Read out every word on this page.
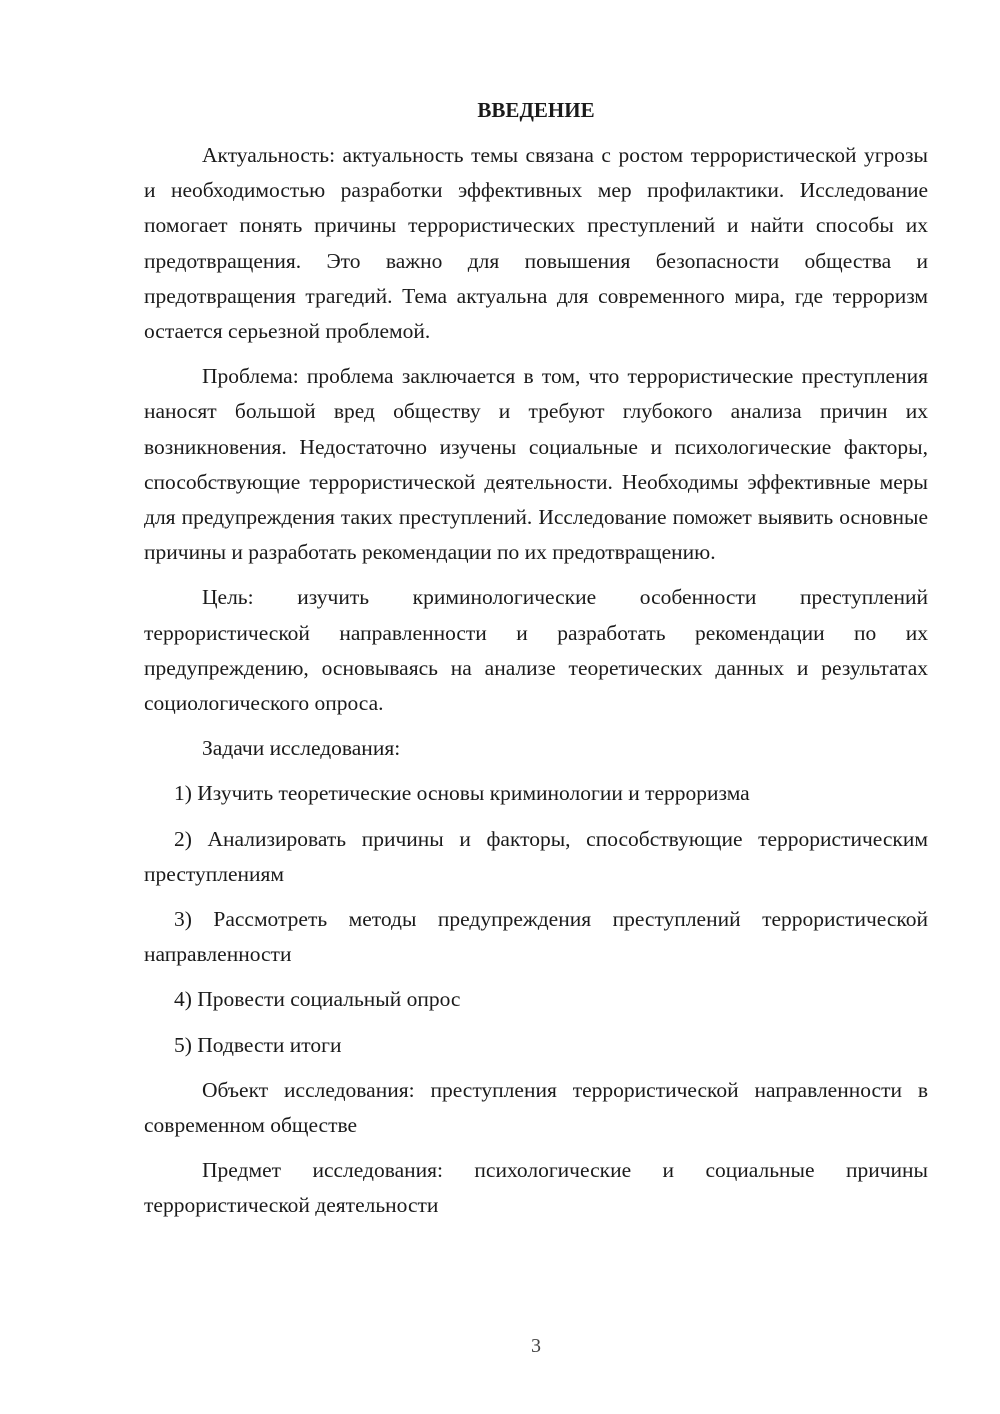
ВВЕДЕНИЕ

Актуальность: актуальность темы связана с ростом террористической угрозы и необходимостью разработки эффективных мер профилактики. Исследование помогает понять причины террористических преступлений и найти способы их предотвращения. Это важно для повышения безопасности общества и предотвращения трагедий. Тема актуальна для современного мира, где терроризм остается серьезной проблемой.

Проблема: проблема заключается в том, что террористические преступления наносят большой вред обществу и требуют глубокого анализа причин их возникновения. Недостаточно изучены социальные и психологические факторы, способствующие террористической деятельности. Необходимы эффективные меры для предупреждения таких преступлений. Исследование поможет выявить основные причины и разработать рекомендации по их предотвращению.

Цель: изучить криминологические особенности преступлений террористической направленности и разработать рекомендации по их предупреждению, основываясь на анализе теоретических данных и результатах социологического опроса.

Задачи исследования:

1) Изучить теоретические основы криминологии и терроризма

2) Анализировать причины и факторы, способствующие террористическим преступлениям

3) Рассмотреть методы предупреждения преступлений террористической направленности

4) Провести социальный опрос

5) Подвести итоги

Объект исследования: преступления террористической направленности в современном обществе

Предмет исследования: психологические и социальные причины террористической деятельности

3
